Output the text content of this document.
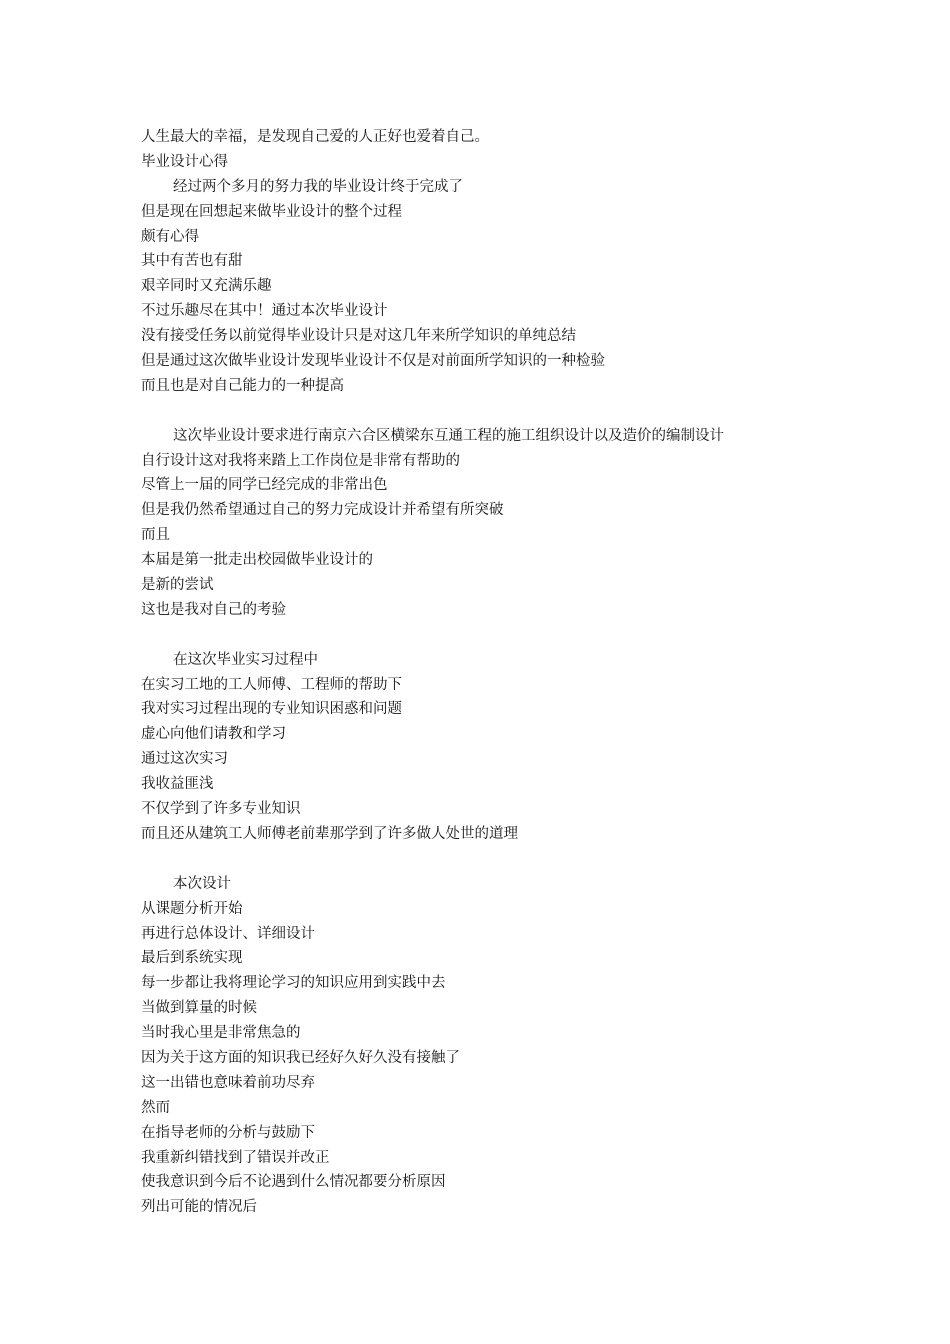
人生最大的幸福，是发现自己爱的人正好也爱着自己。
毕业设计心得
经过两个多月的努力我的毕业设计终于完成了
但是现在回想起来做毕业设计的整个过程
颇有心得
其中有苦也有甜
艰辛同时又充满乐趣
不过乐趣尽在其中！通过本次毕业设计
没有接受任务以前觉得毕业设计只是对这几年来所学知识的单纯总结
但是通过这次做毕业设计发现毕业设计不仅是对前面所学知识的一种检验
而且也是对自己能力的一种提高
这次毕业设计要求进行南京六合区横梁东互通工程的施工组织设计以及造价的编制设计
自行设计这对我将来踏上工作岗位是非常有帮助的
尽管上一届的同学已经完成的非常出色
但是我仍然希望通过自己的努力完成设计并希望有所突破
而且
本届是第一批走出校园做毕业设计的
是新的尝试
这也是我对自己的考验
在这次毕业实习过程中
在实习工地的工人师傅、工程师的帮助下
我对实习过程出现的专业知识困惑和问题
虚心向他们请教和学习
通过这次实习
我收益匪浅
不仅学到了许多专业知识
而且还从建筑工人师傅老前辈那学到了许多做人处世的道理
本次设计
从课题分析开始
再进行总体设计、详细设计
最后到系统实现
每一步都让我将理论学习的知识应用到实践中去
当做到算量的时候
当时我心里是非常焦急的
因为关于这方面的知识我已经好久好久没有接触了
这一出错也意味着前功尽弃
然而
在指导老师的分析与鼓励下
我重新纠错找到了错误并改正
使我意识到今后不论遇到什么情况都要分析原因
列出可能的情况后
